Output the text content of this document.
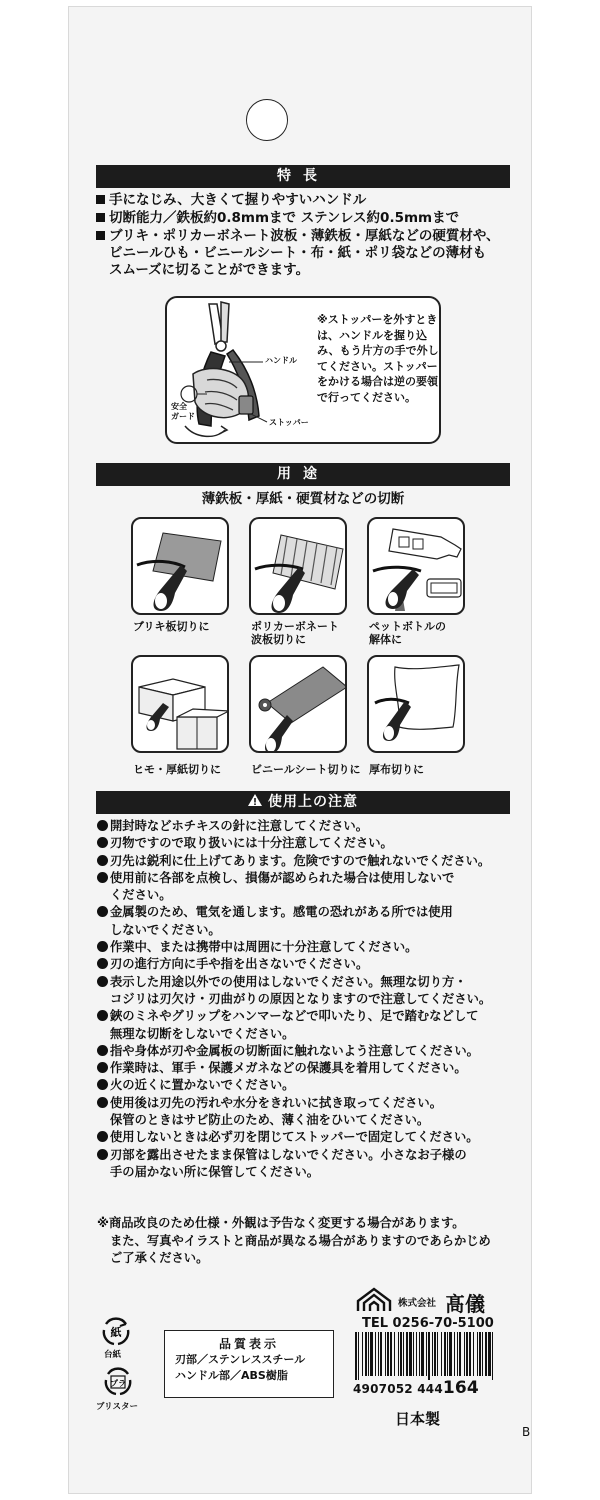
特長
手になじみ、大きくて握りやすいハンドル
切断能力／鉄板約0.8mmまで ステンレス約0.5mmまで
ブリキ・ポリカーボネート波板・薄鉄板・厚紙などの硬質材や、
ビニールひも・ビニールシート・布・紙・ポリ袋などの薄材も
スムーズに切ることができます。
ハンドル
安全
ガード
ストッパー
※ストッパーを外すときは、ハンドルを握り込み、もう片方の手で外してください。ストッパーをかける場合は逆の要領で行ってください。
用途
薄鉄板・厚紙・硬質材などの切断
ブリキ板切りに	ポリカーボネート
波板切りに
ペットボトルの
解体に
ヒモ・厚紙切りに	ビニールシート切りに 厚布切りに
使用上の注意
開封時などホチキスの針に注意してください。
刃物ですので取り扱いには十分注意してください。
刃先は鋭利に仕上げてあります。危険ですので触れないでください。
使用前に各部を点検し、損傷が認められた場合は使用しないで
ください。
金属製のため、電気を通します。感電の恐れがある所では使用
しないでください。
作業中、または携帯中は周囲に十分注意してください。
刃の進行方向に手や指を出さないでください。
表示した用途以外での使用はしないでください。無理な切り方・
コジリは刃欠け・刃曲がりの原因となりますので注意してください。
鋏のミネやグリップをハンマーなどで叩いたり、足で踏むなどして
無理な切断をしないでください。
指や身体が刃や金属板の切断面に触れないよう注意してください。
作業時は、軍手・保護メガネなどの保護具を着用してください。
火の近くに置かないでください。
使用後は刃先の汚れや水分をきれいに拭き取ってください。
保管のときはサビ防止のため、薄く油をひいてください。
使用しないときは必ず刃を閉じてストッパーで固定してください。
刃部を露出させたまま保管はしないでください。小さなお子様の
手の届かない所に保管してください。
※商品改良のため仕様・外観は予告なく変更する場合があります。
また、写真やイラストと商品が異なる場合がありますのであらかじめ
ご了承ください。
株式会社 髙儀
TEL 0256-70-5100
4907052 444164
日本製
B
品質表示
刃部／ステンレススチール
ハンドル部／ABS樹脂
紙
台紙
プラ
ブリスター
